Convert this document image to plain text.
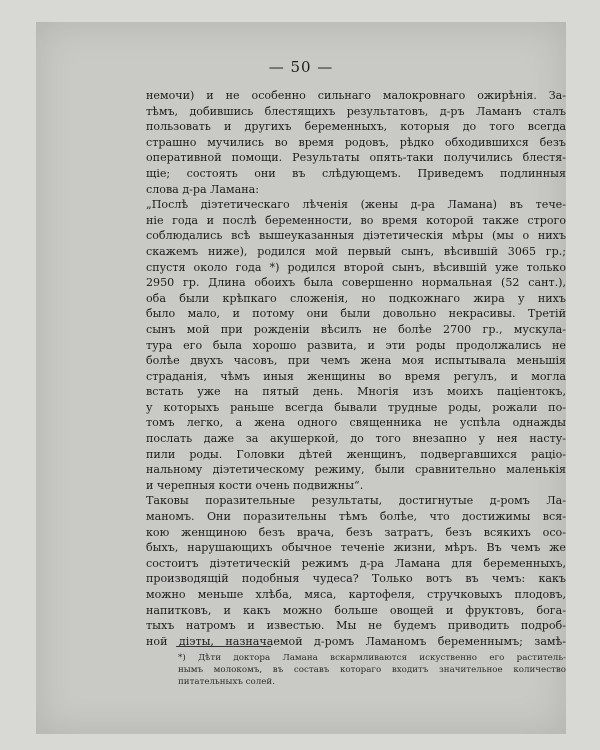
— 50 —
немочи) и не особенно сильнаго малокровнаго ожирѣнія. За-
тѣмъ, добившись блестящихъ результатовъ, д-ръ Ламанъ сталъ
пользовать и другихъ беременныхъ, которыя до того всегда
страшно мучились во время родовъ, рѣдко обходившихся безъ
оперативной помощи. Результаты опять-таки получились блестя-
щіе; состоять они въ слѣдующемъ. Приведемъ подлинныя
слова д-ра Ламана:
„Послѣ діэтетическаго лѣченія (жены д-ра Ламана) въ тече-
ніе года и послѣ беременности, во время которой также строго
соблюдались всѣ вышеуказанныя діэтетическія мѣры (мы о нихъ
скажемъ ниже), родился мой первый сынъ, вѣсившій 3065 гр.;
спустя около года *) родился второй сынъ, вѣсившій уже только
2950 гр. Длина обоихъ была совершенно нормальная (52 сант.),
оба были крѣпкаго сложенія, но подкожнаго жира у нихъ
было мало, и потому они были довольно некрасивы. Третій
сынъ мой при рожденіи вѣсилъ не болѣе 2700 гр., мускула-
тура его была хорошо развита, и эти роды продолжались не
болѣе двухъ часовъ, при чемъ жена моя испытывала меньшія
страданія, чѣмъ иныя женщины во время регулъ, и могла
встать уже на пятый день. Многія изъ моихъ паціентокъ,
у которыхъ раньше всегда бывали трудные роды, рожали по-
томъ легко, а жена одного священника не успѣла однажды
послать даже за акушеркой, до того внезапно у нея насту-
пили роды. Головки дѣтей женщинъ, подвергавшихся раціо-
нальному діэтетическому режиму, были сравнительно маленькія
и черепныя кости очень подвижны“.
Таковы поразительные результаты, достигнутые д-ромъ Ла-
маномъ. Они поразительны тѣмъ болѣе, что достижимы вся-
кою женщиною безъ врача, безъ затратъ, безъ всякихъ осо-
быхъ, нарушающихъ обычное теченіе жизни, мѣръ. Въ чемъ же
состоитъ діэтетическій режимъ д-ра Ламана для беременныхъ,
производящій подобныя чудеса? Только вотъ въ чемъ: какъ
можно меньше хлѣба, мяса, картофеля, стручковыхъ плодовъ,
напитковъ, и какъ можно больше овощей и фруктовъ, бога-
тыхъ натромъ и известью. Мы не будемъ приводить подроб-
ной діэты, назначаемой д-ромъ Ламаномъ беременнымъ; замѣ-
*) Дѣти доктора Ламана вскармливаются искуственно его раститель-
нымъ молокомъ, въ составъ котораго входитъ значительное количество
питательныхъ солей.
